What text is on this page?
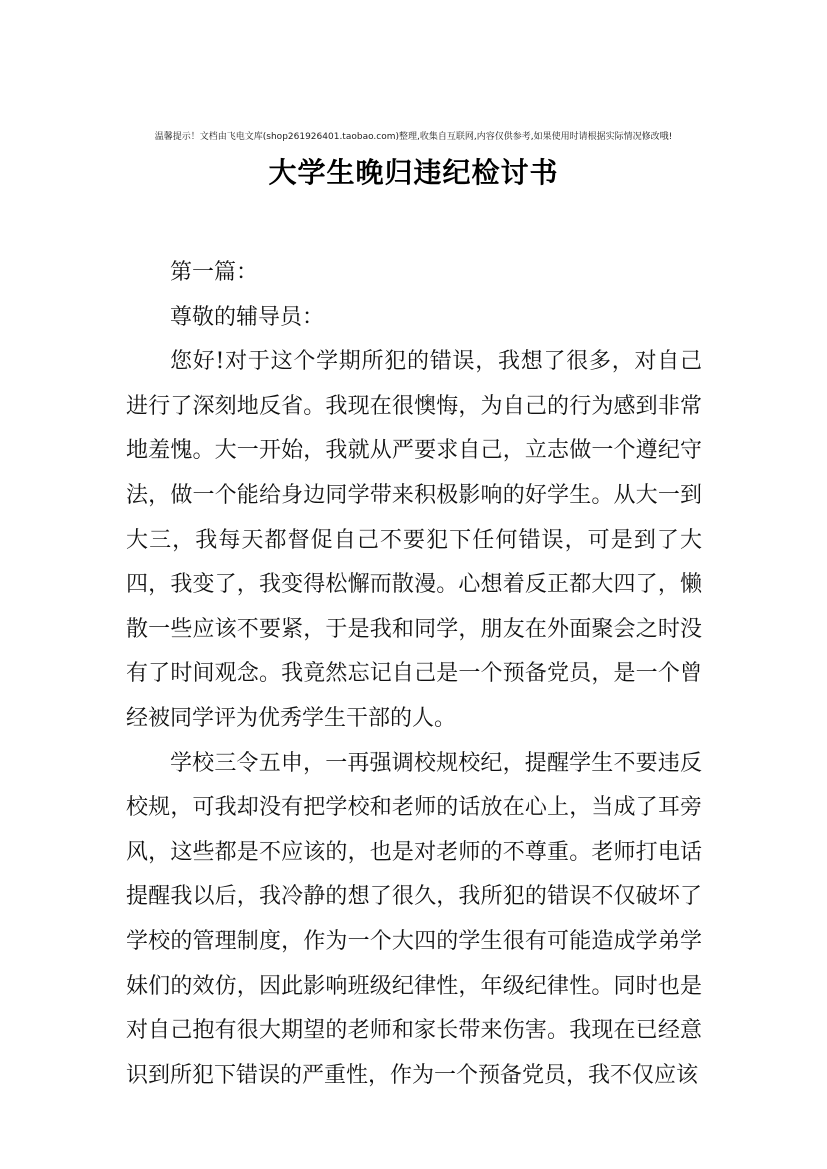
温馨提示！文档由飞电文库(shop261926401.taobao.com)整理,收集自互联网,内容仅供参考,如果使用时请根据实际情况修改哦!
大学生晚归违纪检讨书

第一篇：

尊敬的辅导员：

您好!对于这个学期所犯的错误，我想了很多，对自己进行了深刻地反省。我现在很懊悔，为自己的行为感到非常地羞愧。大一开始，我就从严要求自己，立志做一个遵纪守法，做一个能给身边同学带来积极影响的好学生。从大一到大三，我每天都督促自己不要犯下任何错误，可是到了大四，我变了，我变得松懈而散漫。心想着反正都大四了，懒散一些应该不要紧，于是我和同学，朋友在外面聚会之时没有了时间观念。我竟然忘记自己是一个预备党员，是一个曾经被同学评为优秀学生干部的人。

学校三令五申，一再强调校规校纪，提醒学生不要违反校规，可我却没有把学校和老师的话放在心上，当成了耳旁风，这些都是不应该的，也是对老师的不尊重。老师打电话提醒我以后，我冷静的想了很久，我所犯的错误不仅破坏了学校的管理制度，作为一个大四的学生很有可能造成学弟学妹们的效仿，因此影响班级纪律性，年级纪律性。同时也是对自己抱有很大期望的老师和家长带来伤害。我现在已经意识到所犯下错误的严重性，作为一个预备党员，我不仅应该
